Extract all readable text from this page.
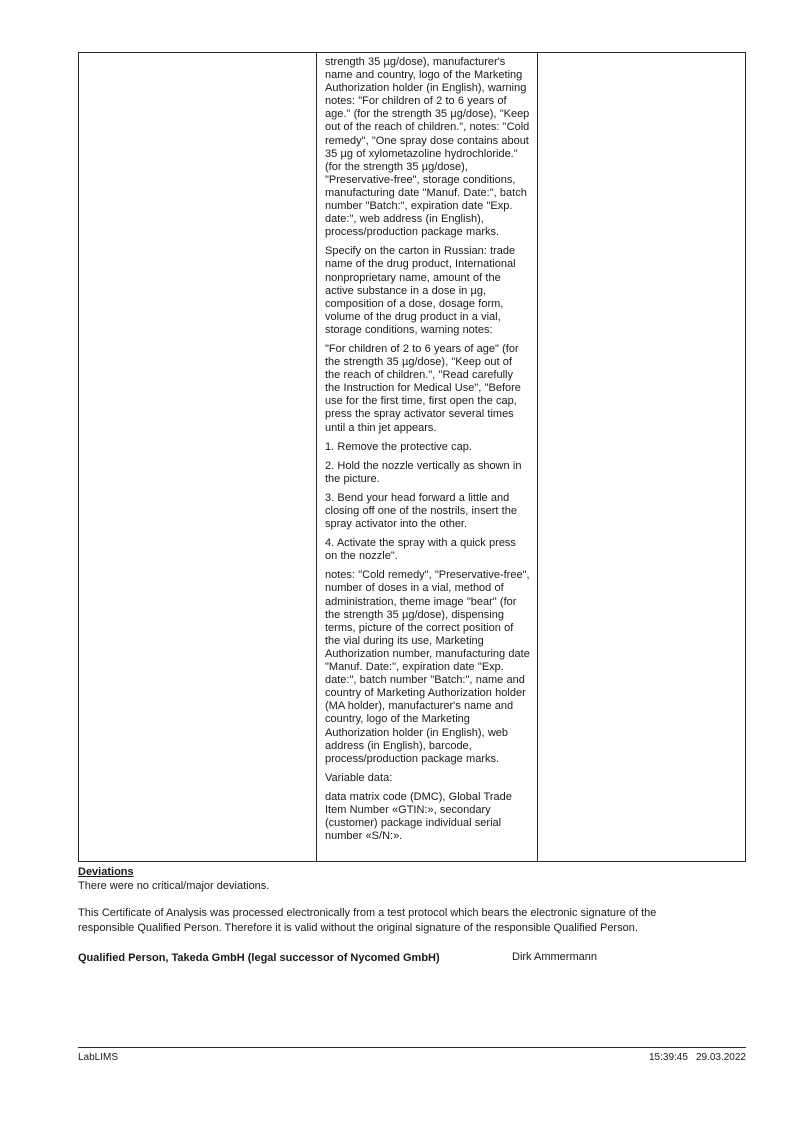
strength 35 µg/dose), manufacturer's name and country, logo of the Marketing Authorization holder (in English), warning notes: "For children of 2 to 6 years of age." (for the strength 35 µg/dose), "Keep out of the reach of children.", notes: "Cold remedy", "One spray dose contains about 35 µg of xylometazoline hydrochloride." (for the strength 35 µg/dose), "Preservative-free", storage conditions, manufacturing date "Manuf. Date:", batch number "Batch:", expiration date "Exp. date:", web address (in English), process/production package marks.

Specify on the carton in Russian: trade name of the drug product, International nonproprietary name, amount of the active substance in a dose in µg, composition of a dose, dosage form, volume of the drug product in a vial, storage conditions, warning notes:

"For children of 2 to 6 years of age" (for the strength 35 µg/dose), "Keep out of the reach of children.", "Read carefully the Instruction for Medical Use", "Before use for the first time, first open the cap, press the spray activator several times until a thin jet appears.

1. Remove the protective cap.

2. Hold the nozzle vertically as shown in the picture.

3. Bend your head forward a little and closing off one of the nostrils, insert the spray activator into the other.

4. Activate the spray with a quick press on the nozzle".

notes: "Cold remedy", "Preservative-free", number of doses in a vial, method of administration, theme image "bear" (for the strength 35 µg/dose), dispensing terms, picture of the correct position of the vial during its use, Marketing Authorization number, manufacturing date "Manuf. Date:", expiration date "Exp. date:", batch number "Batch:", name and country of Marketing Authorization holder (MA holder), manufacturer's name and country, logo of the Marketing Authorization holder (in English), web address (in English), barcode, process/production package marks.

Variable data:

data matrix code (DMC), Global Trade Item Number «GTIN:», secondary (customer) package individual serial number «S/N:».

Deviations
There were no critical/major deviations.
This Certificate of Analysis was processed electronically from a test protocol which bears the electronic signature of the responsible Qualified Person. Therefore it is valid without the original signature of the responsible Qualified Person.
Qualified Person, Takeda GmbH (legal successor of Nycomed GmbH)	Dirk Ammermann
LabLIMS	15:39:45 29.03.2022
